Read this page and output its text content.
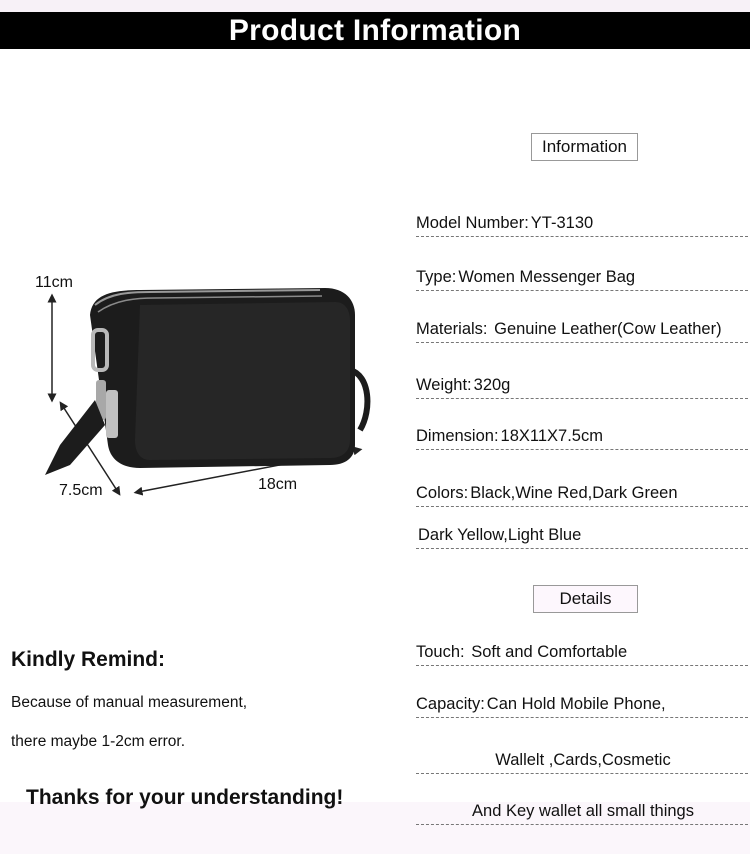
Product Information
11cm
7.5cm	18cm
Information
Model Number: YT-3130
Type: Women Messenger Bag
Materials: Genuine Leather(Cow Leather)
Weight: 320g
Dimension: 18X11X7.5cm
Colors: Black,Wine Red,Dark Green
Dark Yellow,Light Blue
Details
Touch: Soft and Comfortable
Capacity: Can Hold Mobile Phone,
Wallelt ,Cards,Cosmetic
And Key wallet all small things
Kindly Remind:
Because of manual measurement,
there maybe 1-2cm error.
Thanks for your understanding!
